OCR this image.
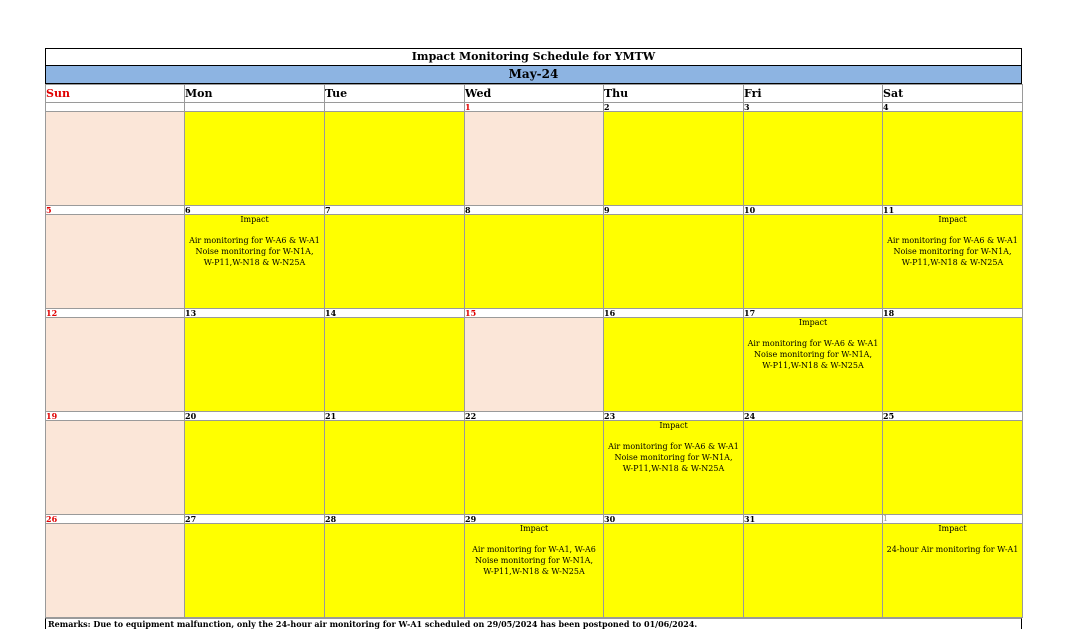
Impact Monitoring Schedule for YMTW
May-24
Sun	Mon	Tue	Wed	Thu	Fri	Sat
			1	2	3	4

5	6	7	8	9	10	11

	Impact
Air monitoring for W-A6 & W-A1
Noise monitoring for W-N1A,
W-P11,W-N18 & W-N25A					Impact
Air monitoring for W-A6 & W-A1
Noise monitoring for W-N1A,
W-P11,W-N18 & W-N25A

12	13	14	15	16	17	18

					Impact
Air monitoring for W-A6 & W-A1
Noise monitoring for W-N1A,
W-P11,W-N18 & W-N25A	

19	20	21	22	23	24	25

				Impact
Air monitoring for W-A6 & W-A1
Noise monitoring for W-N1A,
W-P11,W-N18 & W-N25A		

26	27	28	29	30	31	1

			Impact
Air monitoring for W-A1, W-A6
Noise monitoring for W-N1A,
W-P11,W-N18 & W-N25A			Impact
24-hour Air monitoring for W-A1
Remarks: Due to equipment malfunction, only the 24-hour air monitoring for W-A1 scheduled on 29/05/2024 has been postponed to 01/06/2024.
